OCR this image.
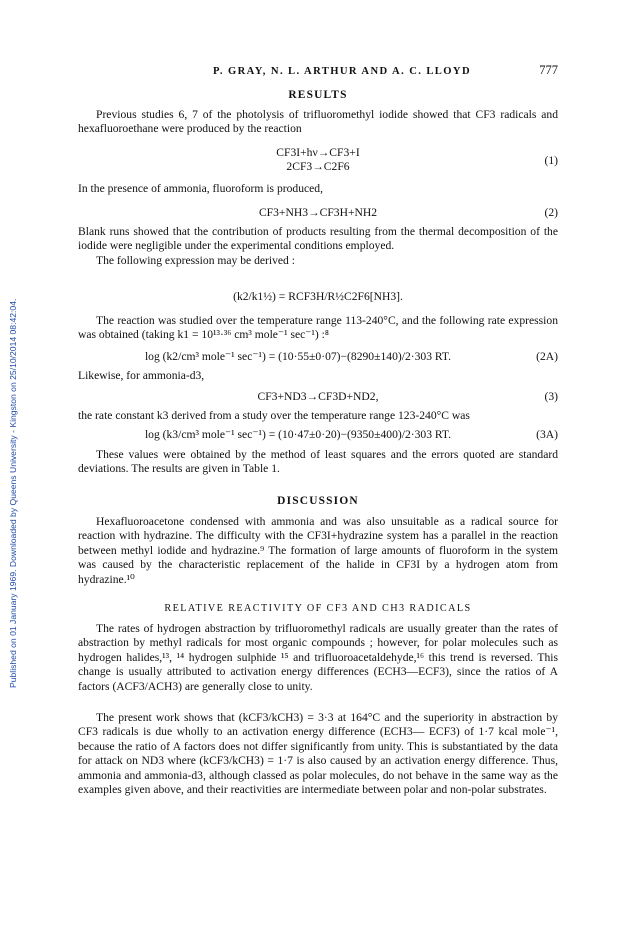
Published on 01 January 1969. Downloaded by Queens University - Kingston on 25/10/2014 08:42:04.
P. GRAY, N. L. ARTHUR AND A. C. LLOYD	777
RESULTS

Previous studies 6, 7 of the photolysis of trifluoromethyl iodide showed that CF3 radicals and hexafluoroethane were produced by the reaction

CF3I+hν→CF3+I
2CF3→C2F6	(1)

In the presence of ammonia, fluoroform is produced,

CF3+NH3→CF3H+NH2	(2)

Blank runs showed that the contribution of products resulting from the thermal decomposition of the iodide were negligible under the experimental conditions employed.

The following expression may be derived :

(k2/k1½) = RCF3H/R½C2F6[NH3].

The reaction was studied over the temperature range 113-240°C, and the following rate expression was obtained (taking k1 = 10¹³·³⁶ cm³ mole⁻¹ sec⁻¹) :⁸

log (k2/cm³ mole⁻¹ sec⁻¹) = (10·55±0·07)−(8290±140)/2·303 RT.	(2A)

Likewise, for ammonia-d3,

CF3+ND3→CF3D+ND2,	(3)

the rate constant k3 derived from a study over the temperature range 123-240°C was

log (k3/cm³ mole⁻¹ sec⁻¹) = (10·47±0·20)−(9350±400)/2·303 RT.	(3A)

These values were obtained by the method of least squares and the errors quoted are standard deviations. The results are given in Table 1.

DISCUSSION

Hexafluoroacetone condensed with ammonia and was also unsuitable as a radical source for reaction with hydrazine. The difficulty with the CF3I+hydrazine system has a parallel in the reaction between methyl iodide and hydrazine.⁹ The formation of large amounts of fluoroform in the system was caused by the characteristic replacement of the halide in CF3I by a hydrogen atom from hydrazine.¹⁰

RELATIVE REACTIVITY OF CF3 AND CH3 RADICALS

The rates of hydrogen abstraction by trifluoromethyl radicals are usually greater than the rates of abstraction by methyl radicals for most organic compounds ; however, for polar molecules such as hydrogen halides,¹³, ¹⁴ hydrogen sulphide ¹⁵ and trifluoroacetaldehyde,¹⁶ this trend is reversed. This change is usually attributed to activation energy differences (ECH3—ECF3), since the ratios of A factors (ACF3/ACH3) are generally close to unity.

The present work shows that (kCF3/kCH3) = 3·3 at 164°C and the superiority in abstraction by CF3 radicals is due wholly to an activation energy difference (ECH3— ECF3) of 1·7 kcal mole⁻¹, because the ratio of A factors does not differ significantly from unity. This is substantiated by the data for attack on ND3 where (kCF3/kCH3) = 1·7 is also caused by an activation energy difference. Thus, ammonia and ammonia-d3, although classed as polar molecules, do not behave in the same way as the examples given above, and their reactivities are intermediate between polar and non-polar substrates.
